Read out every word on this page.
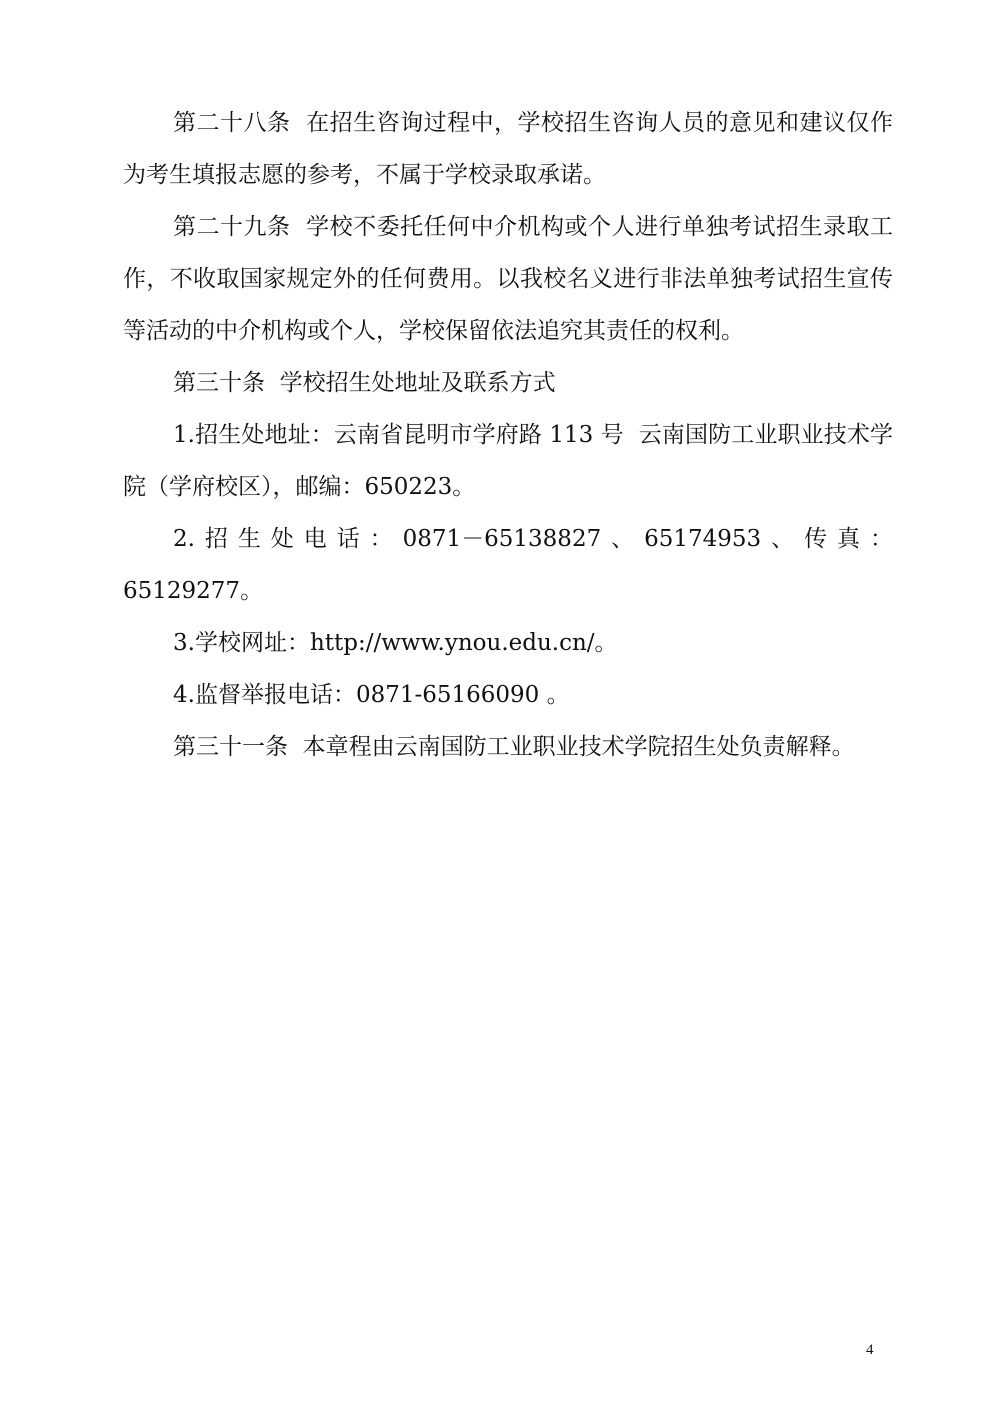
第二十八条  在招生咨询过程中，学校招生咨询人员的意见和建议仅作为考生填报志愿的参考，不属于学校录取承诺。

第二十九条  学校不委托任何中介机构或个人进行单独考试招生录取工作，不收取国家规定外的任何费用。以我校名义进行非法单独考试招生宣传等活动的中介机构或个人，学校保留依法追究其责任的权利。

第三十条  学校招生处地址及联系方式

1.招生处地址：云南省昆明市学府路 113 号  云南国防工业职业技术学院（学府校区），邮编：650223。

2.招生处电话：0871－65138827、65174953、传真：65129277。

3.学校网址：http://www.ynou.edu.cn/。

4.监督举报电话：0871-65166090 。

第三十一条  本章程由云南国防工业职业技术学院招生处负责解释。

4
